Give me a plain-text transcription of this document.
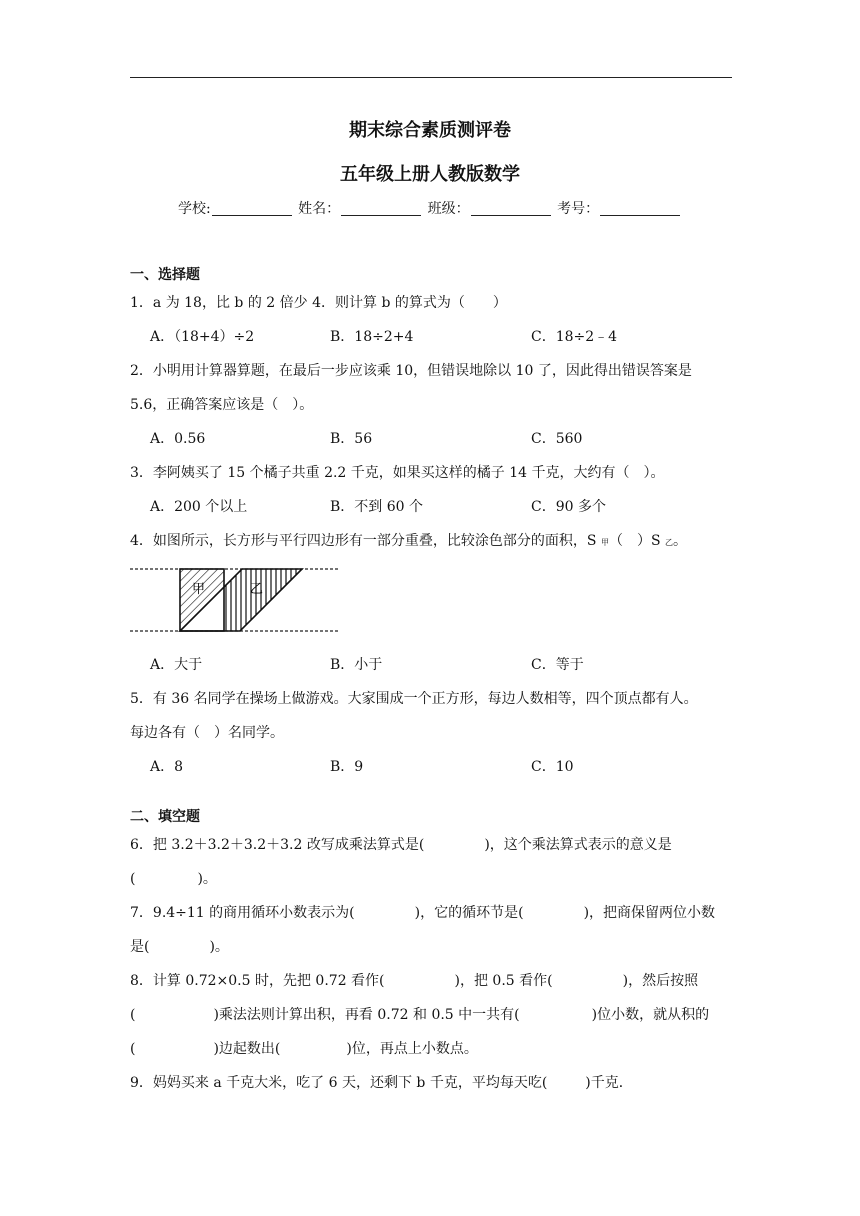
期末综合素质测评卷
五年级上册人教版数学
学校:	姓名：	班级：	考号：
一、选择题
1．a 为 18，比 b 的 2 倍少 4．则计算 b 的算式为（　　）
A．（18+4）÷2	B．18÷2+4	C．18÷2﹣4
2．小明用计算器算题，在最后一步应该乘 10，但错误地除以 10 了，因此得出错误答案是
5.6，正确答案应该是（　）。
A．0.56	B．56	C．560
3．李阿姨买了 15 个橘子共重 2.2 千克，如果买这样的橘子 14 千克，大约有（　）。
A．200 个以上	B．不到 60 个	C．90 多个
4．如图所示，长方形与平行四边形有一部分重叠，比较涂色部分的面积，S 甲（　）S 乙。
甲	乙
A．大于	B．小于	C．等于
5．有 36 名同学在操场上做游戏。大家围成一个正方形，每边人数相等，四个顶点都有人。
每边各有（　）名同学。
A．8	B．9	C．10
二、填空题
6．把 3.2＋3.2＋3.2＋3.2 改写成乘法算式是(	)，这个乘法算式表示的意义是
(	)。
7．9.4÷11 的商用循环小数表示为(	)，它的循环节是(	)，把商保留两位小数
是(	)。
8．计算 0.72×0.5 时，先把 0.72 看作(	)，把 0.5 看作(	)，然后按照
(	)乘法法则计算出积，再看 0.72 和 0.5 中一共有(	)位小数，就从积的
(	)边起数出(	)位，再点上小数点。
9．妈妈买来 a 千克大米，吃了 6 天，还剩下 b 千克，平均每天吃(	)千克．
